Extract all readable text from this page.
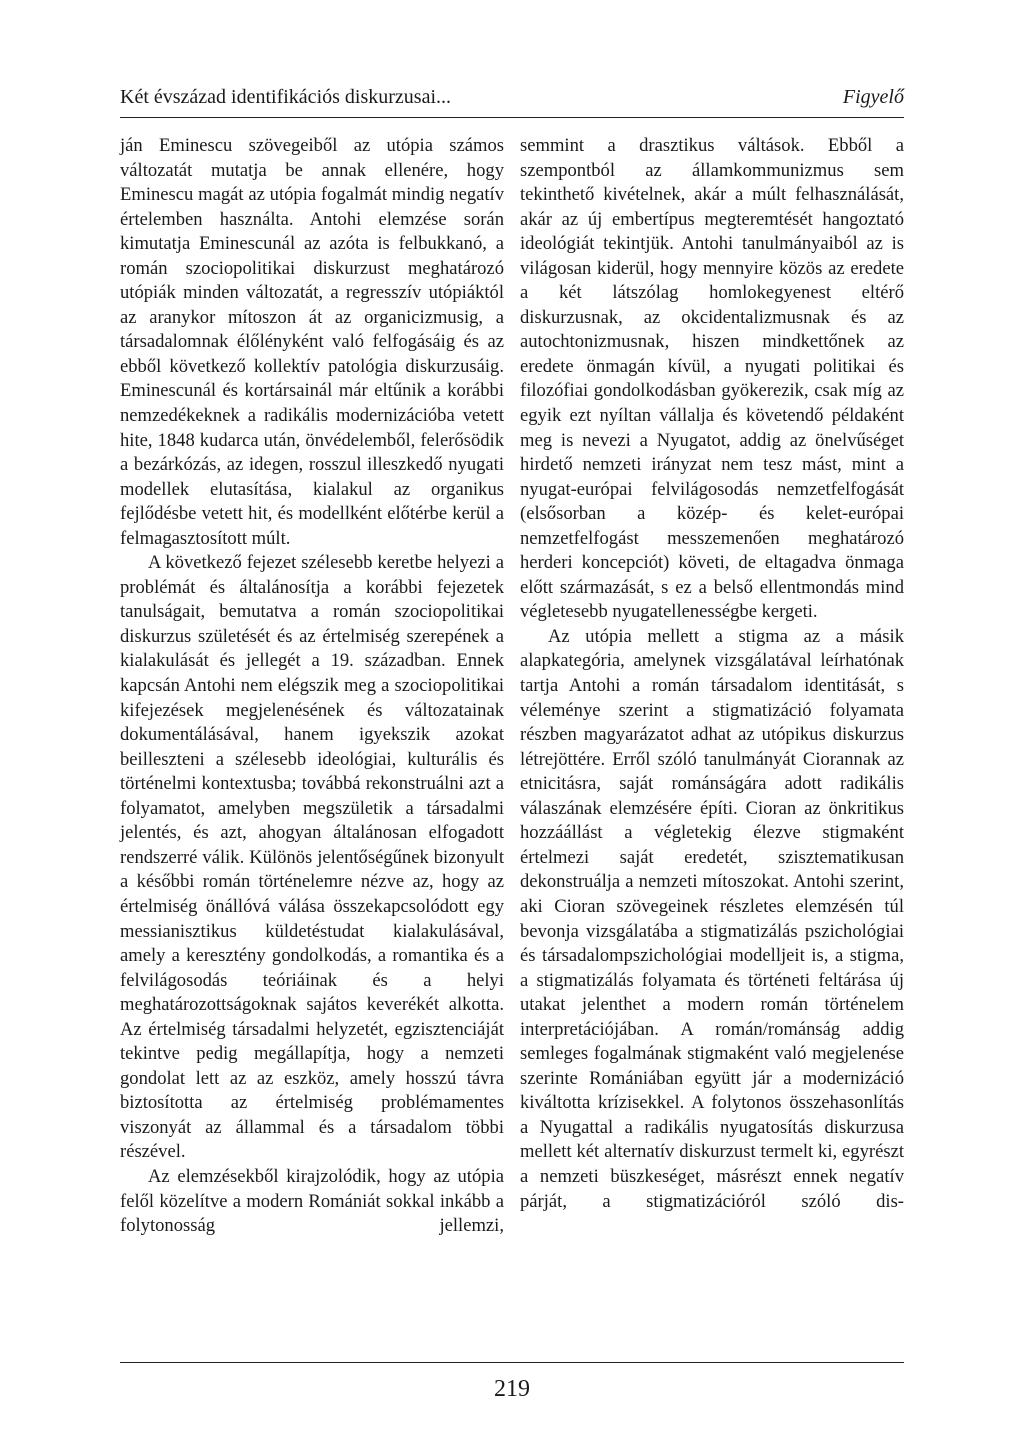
Két évszázad identifikációs diskurzusai...	Figyelő

ján Eminescu szövegeiből az utópia számos változatát mutatja be annak ellenére, hogy Eminescu magát az utópia fogalmát mindig negatív értelemben használta. Antohi elemzése során kimutatja Eminescunál az azóta is felbukkanó, a román szociopolitikai diskurzust meghatározó utópiák minden változatát, a regresszív utópiáktól az aranykor mítoszon át az organicizmusig, a társadalomnak élőlényként való felfogásáig és az ebből következő kollektív patológia diskurzusáig. Eminescunál és kortársainál már eltűnik a korábbi nemzedékeknek a radikális modernizációba vetett hite, 1848 kudarca után, önvédelemből, felerősödik a bezárkózás, az idegen, rosszul illeszkedő nyugati modellek elutasítása, kialakul az organikus fejlődésbe vetett hit, és modellként előtérbe kerül a felmagasztosított múlt.

A következő fejezet szélesebb keretbe helyezi a problémát és általánosítja a korábbi fejezetek tanulságait, bemutatva a román szociopolitikai diskurzus születését és az értelmiség szerepének a kialakulását és jellegét a 19. században. Ennek kapcsán Antohi nem elégszik meg a szociopolitikai kifejezések megjelenésének és változatainak dokumentálásával, hanem igyekszik azokat beilleszteni a szélesebb ideológiai, kulturális és történelmi kontextusba; továbbá rekonstruálni azt a folyamatot, amelyben megszületik a társadalmi jelentés, és azt, ahogyan általánosan elfogadott rendszerré válik. Különös jelentőségűnek bizonyult a későbbi román történelemre nézve az, hogy az értelmiség önállóvá válása összekapcsolódott egy messianisztikus küldetéstudat kialakulásával, amely a keresztény gondolkodás, a romantika és a felvilágosodás teóriáinak és a helyi meghatározottságoknak sajátos keverékét alkotta. Az értelmiség társadalmi helyzetét, egzisztenciáját tekintve pedig megállapítja, hogy a nemzeti gondolat lett az az eszköz, amely hosszú távra biztosította az értelmiség problémamentes viszonyát az állammal és a társadalom többi részével.

Az elemzésekből kirajzolódik, hogy az utópia felől közelítve a modern Romániát sokkal inkább a folytonosság jellemzi,

semmint a drasztikus váltások. Ebből a szempontból az államkommunizmus sem tekinthető kivételnek, akár a múlt felhasználását, akár az új embertípus megteremtését hangoztató ideológiát tekintjük. Antohi tanulmányaiból az is világosan kiderül, hogy mennyire közös az eredete a két látszólag homlokegyenest eltérő diskurzusnak, az okcidentalizmusnak és az autochtonizmusnak, hiszen mindkettőnek az eredete önmagán kívül, a nyugati politikai és filozófiai gondolkodásban gyökerezik, csak míg az egyik ezt nyíltan vállalja és követendő példaként meg is nevezi a Nyugatot, addig az önelvűséget hirdető nemzeti irányzat nem tesz mást, mint a nyugat-európai felvilágosodás nemzetfelfogását (elsősorban a közép- és kelet-európai nemzetfelfogást messzemenően meghatározó herderi koncepciót) követi, de eltagadva önmaga előtt származását, s ez a belső ellentmondás mind végletesebb nyugatellenességbe kergeti.

Az utópia mellett a stigma az a másik alapkategória, amelynek vizsgálatával leírhatónak tartja Antohi a román társadalom identitását, s véleménye szerint a stigmatizáció folyamata részben magyarázatot adhat az utópikus diskurzus létrejöttére. Erről szóló tanulmányát Ciorannak az etnicitásra, saját románságára adott radikális válaszának elemzésére építi. Cioran az önkritikus hozzáállást a végletekig élezve stigmaként értelmezi saját eredetét, szisztematikusan dekonstruálja a nemzeti mítoszokat. Antohi szerint, aki Cioran szövegeinek részletes elemzésén túl bevonja vizsgálatába a stigmatizálás pszichológiai és társadalompszichológiai modelljeit is, a stigma, a stigmatizálás folyamata és történeti feltárása új utakat jelenthet a modern román történelem interpretációjában. A román/románság addig semleges fogalmának stigmaként való megjelenése szerinte Romániában együtt jár a modernizáció kiváltotta krízisekkel. A folytonos összehasonlítás a Nyugattal a radikális nyugatosítás diskurzusa mellett két alternatív diskurzust termelt ki, egyrészt a nemzeti büszkeséget, másrészt ennek negatív párját, a stigmatizációról szóló dis-

219
